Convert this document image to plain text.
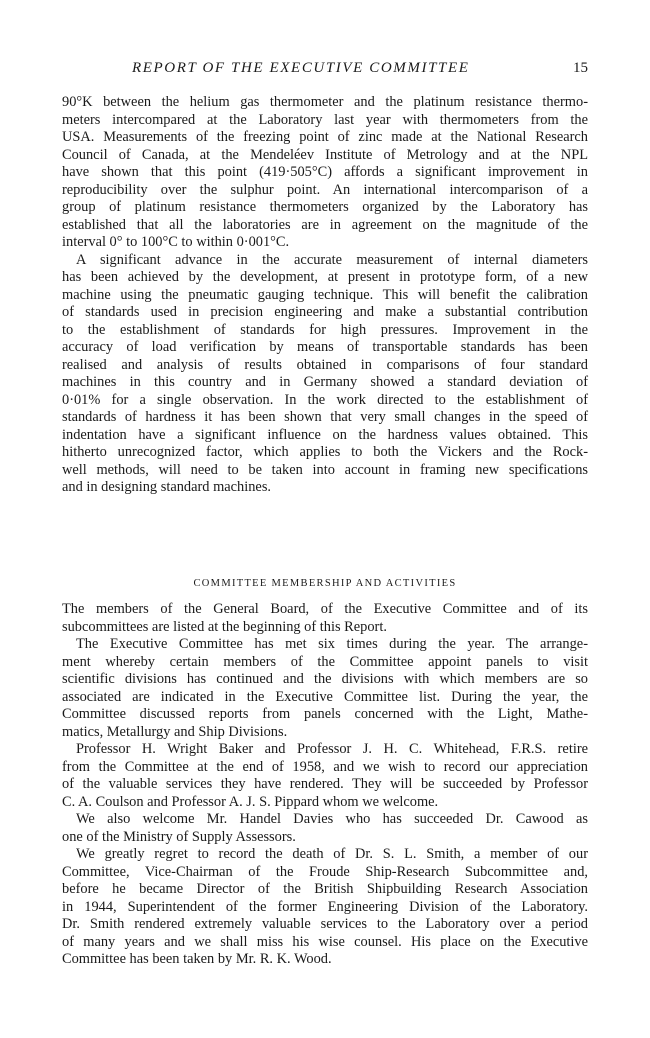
REPORT OF THE EXECUTIVE COMMITTEE	15
90°K between the helium gas thermometer and the platinum resistance thermo-
meters intercompared at the Laboratory last year with thermometers from the
USA. Measurements of the freezing point of zinc made at the National Research
Council of Canada, at the Mendeléev Institute of Metrology and at the NPL
have shown that this point (419·505°C) affords a significant improvement in
reproducibility over the sulphur point. An international intercomparison of a
group of platinum resistance thermometers organized by the Laboratory has
established that all the laboratories are in agreement on the magnitude of the
interval 0° to 100°C to within 0·001°C.
A significant advance in the accurate measurement of internal diameters
has been achieved by the development, at present in prototype form, of a new
machine using the pneumatic gauging technique. This will benefit the calibration
of standards used in precision engineering and make a substantial contribution
to the establishment of standards for high pressures. Improvement in the
accuracy of load verification by means of transportable standards has been
realised and analysis of results obtained in comparisons of four standard
machines in this country and in Germany showed a standard deviation of
0·01% for a single observation. In the work directed to the establishment of
standards of hardness it has been shown that very small changes in the speed of
indentation have a significant influence on the hardness values obtained. This
hitherto unrecognized factor, which applies to both the Vickers and the Rock-
well methods, will need to be taken into account in framing new specifications
and in designing standard machines.
COMMITTEE MEMBERSHIP AND ACTIVITIES
The members of the General Board, of the Executive Committee and of its
subcommittees are listed at the beginning of this Report.
The Executive Committee has met six times during the year. The arrange-
ment whereby certain members of the Committee appoint panels to visit
scientific divisions has continued and the divisions with which members are so
associated are indicated in the Executive Committee list. During the year, the
Committee discussed reports from panels concerned with the Light, Mathe-
matics, Metallurgy and Ship Divisions.
Professor H. Wright Baker and Professor J. H. C. Whitehead, F.R.S. retire
from the Committee at the end of 1958, and we wish to record our appreciation
of the valuable services they have rendered. They will be succeeded by Professor
C. A. Coulson and Professor A. J. S. Pippard whom we welcome.
We also welcome Mr. Handel Davies who has succeeded Dr. Cawood as
one of the Ministry of Supply Assessors.
We greatly regret to record the death of Dr. S. L. Smith, a member of our
Committee, Vice-Chairman of the Froude Ship-Research Subcommittee and,
before he became Director of the British Shipbuilding Research Association
in 1944, Superintendent of the former Engineering Division of the Laboratory.
Dr. Smith rendered extremely valuable services to the Laboratory over a period
of many years and we shall miss his wise counsel. His place on the Executive
Committee has been taken by Mr. R. K. Wood.
